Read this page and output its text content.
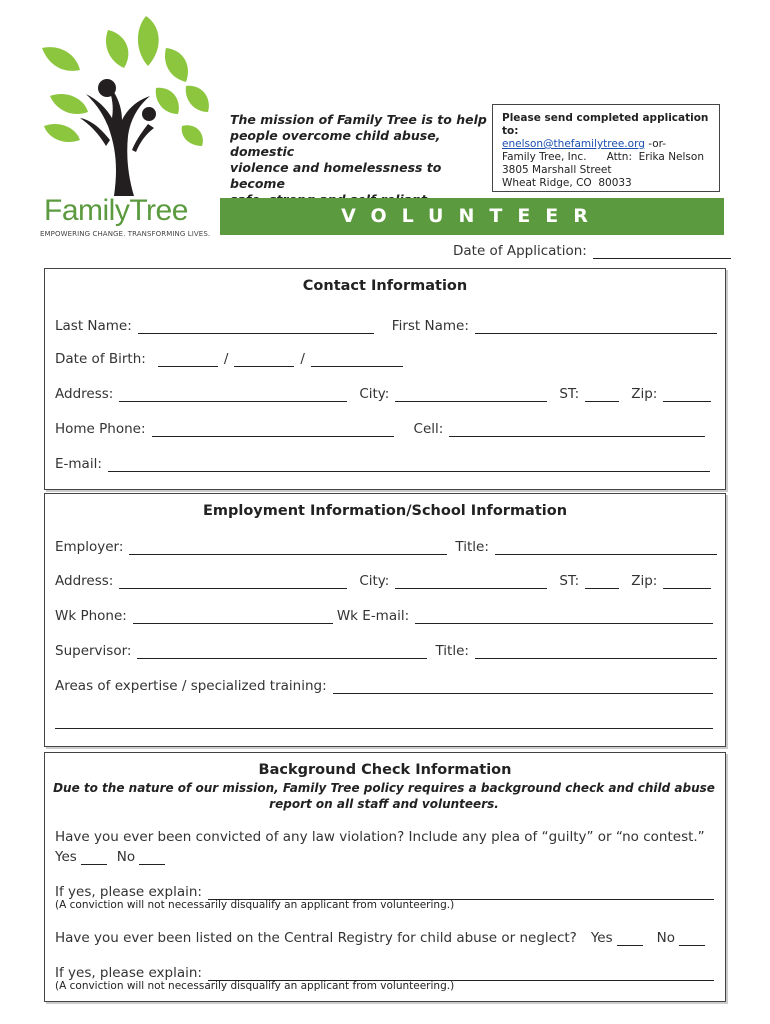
FamilyTree
EMPOWERING CHANGE. TRANSFORMING LIVES.
The mission of Family Tree is to help
people overcome child abuse, domestic
violence and homelessness to become
Please send completed application to:
enelson@thefamilytree.org -or-
Family Tree, Inc.      Attn:  Erika Nelson
3805 Marshall Street
Wheat Ridge, CO  80033
VOLUNTEER
Date of Application:
Contact Information
Last Name:	First Name:
Date of Birth:	/	/
Address:	City:	ST:	Zip:
Home Phone:	Cell:
E-mail:
Employment Information/School Information
Employer:	Title:
Address:	City:	ST:	Zip:
Wk Phone:	Wk E-mail:
Supervisor:	Title:
Areas of expertise / specialized training:
Background Check Information
Due to the nature of our mission, Family Tree policy requires a background check and child abuse
report on all staff and volunteers.
Have you ever been convicted of any law violation? Include any plea of “guilty” or “no contest.”
Yes	No
If yes, please explain:
(A conviction will not necessarily disqualify an applicant from volunteering.)
Have you ever been listed on the Central Registry for child abuse or neglect? Yes	No
If yes, please explain:
(A conviction will not necessarily disqualify an applicant from volunteering.)
